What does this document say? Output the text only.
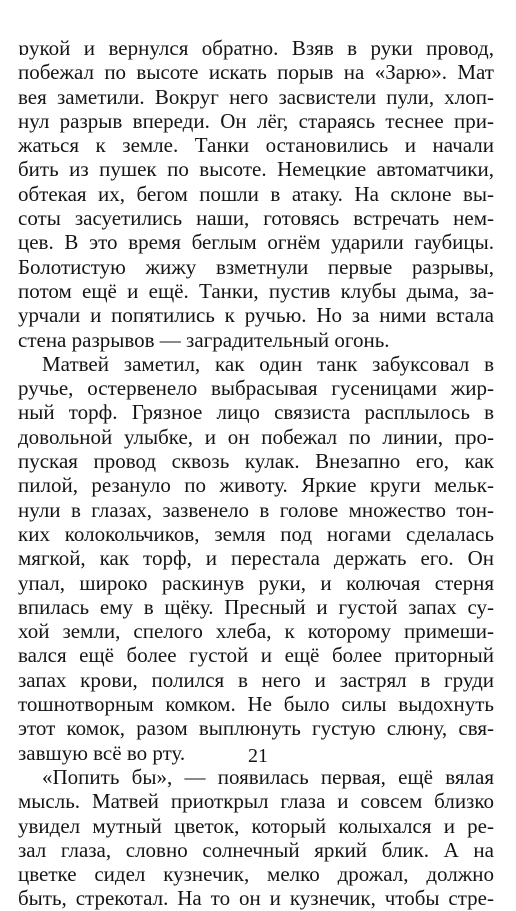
ɒукой и вернулся обратно. Взяв в руки провод,
побежал по высоте искать порыв на «Зарю». Мат
вея заметили. Вокруг него засвистели пули, хлоп-
нул разрыв впереди. Он лёг, стараясь теснее при-
жаться к земле. Танки остановились и начали
бить из пушек по высоте. Немецкие автоматчики,
обтекая их, бегом пошли в атаку. На склоне вы-
соты засуетились наши, готовясь встречать нем-
цев. В это время беглым огнём ударили гаубицы.
Болотистую жижу взметнули первые разрывы,
потом ещё и ещё. Танки, пустив клубы дыма, за-
урчали и попятились к ручью. Но за ними встала
стена разрывов — заградительный огонь.
Матвей заметил, как один танк забуксовал в
ручье, остервенело выбрасывая гусеницами жир-
ный торф. Грязное лицо связиста расплылось в
довольной улыбке, и он побежал по линии, про-
пуская провод сквозь кулак. Внезапно его, как
пилой, резануло по животу. Яркие круги мельк-
нули в глазах, зазвенело в голове множество тон-
ких колокольчиков, земля под ногами сделалась
мягкой, как торф, и перестала держать его. Он
упал, широко раскинув руки, и колючая стерня
впилась ему в щёку. Пресный и густой запах су-
хой земли, спелого хлеба, к которому примеши-
вался ещё более густой и ещё более приторный
запах крови, полился в него и застрял в груди
тошнотворным комком. Не было силы выдохнуть
этот комок, разом выплюнуть густую слюну, свя-
завшую всё во рту.
«Попить бы», — появилась первая, ещё вялая
мысль. Матвей приоткрыл глаза и совсем близко
увидел мутный цветок, который колыхался и ре-
зал глаза, словно солнечный яркий блик. А на
цветке сидел кузнечик, мелко дрожал, должно
быть, стрекотал. На то он и кузнечик, чтобы стре-
21
